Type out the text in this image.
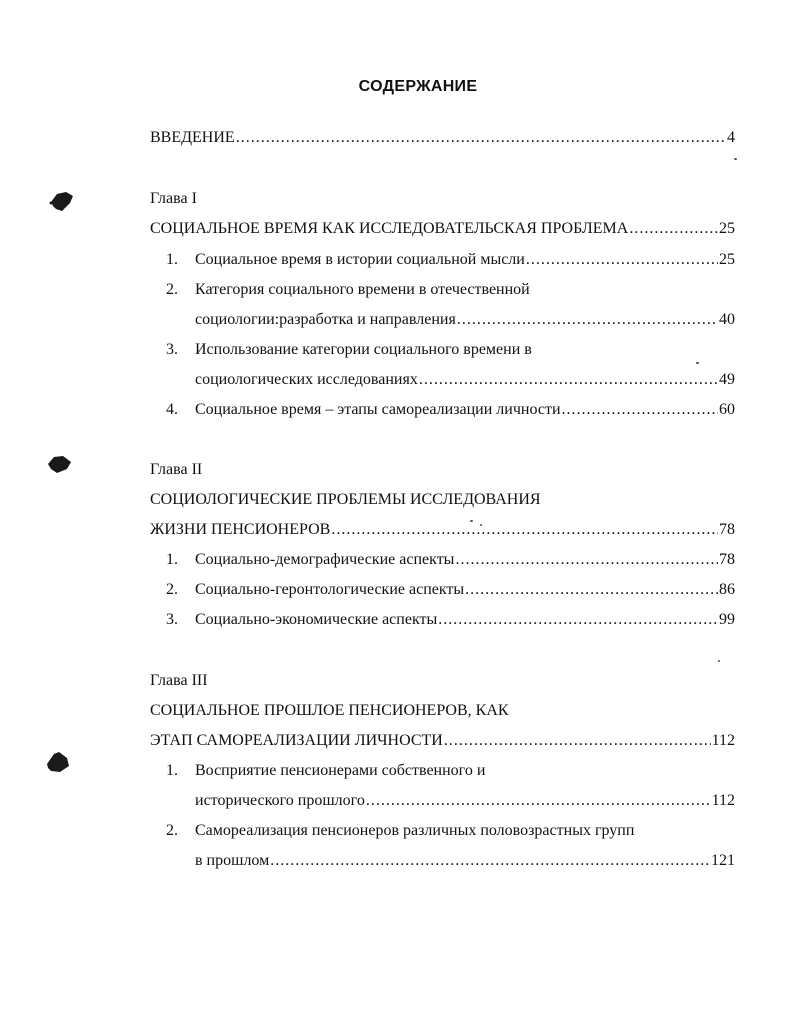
СОДЕРЖАНИЕ
ВВЕДЕНИЕ .....	4
Глава I
СОЦИАЛЬНОЕ ВРЕМЯ КАК ИССЛЕДОВАТЕЛЬСКАЯ ПРОБЛЕМА .....	25
1. Социальное время в истории социальной мысли .....	25
2. Категория социального времени в отечественной
социологии:разработка и направления .....	40
3. Использование категории социального времени в
социологических исследованиях .....	49
4. Социальное время – этапы самореализации личности .....	60
Глава II
СОЦИОЛОГИЧЕСКИЕ ПРОБЛЕМЫ ИССЛЕДОВАНИЯ
ЖИЗНИ ПЕНСИОНЕРОВ .....	78
1. Социально-демографические аспекты .....	78
2. Социально-геронтологические аспекты .....	86
3. Социально-экономические аспекты .....	99
Глава III
СОЦИАЛЬНОЕ ПРОШЛОЕ ПЕНСИОНЕРОВ, КАК
ЭТАП САМОРЕАЛИЗАЦИИ ЛИЧНОСТИ .....	112
1. Восприятие пенсионерами собственного и
исторического прошлого .....	112
2. Самореализация пенсионеров различных половозрастных групп
в прошлом .....	121
